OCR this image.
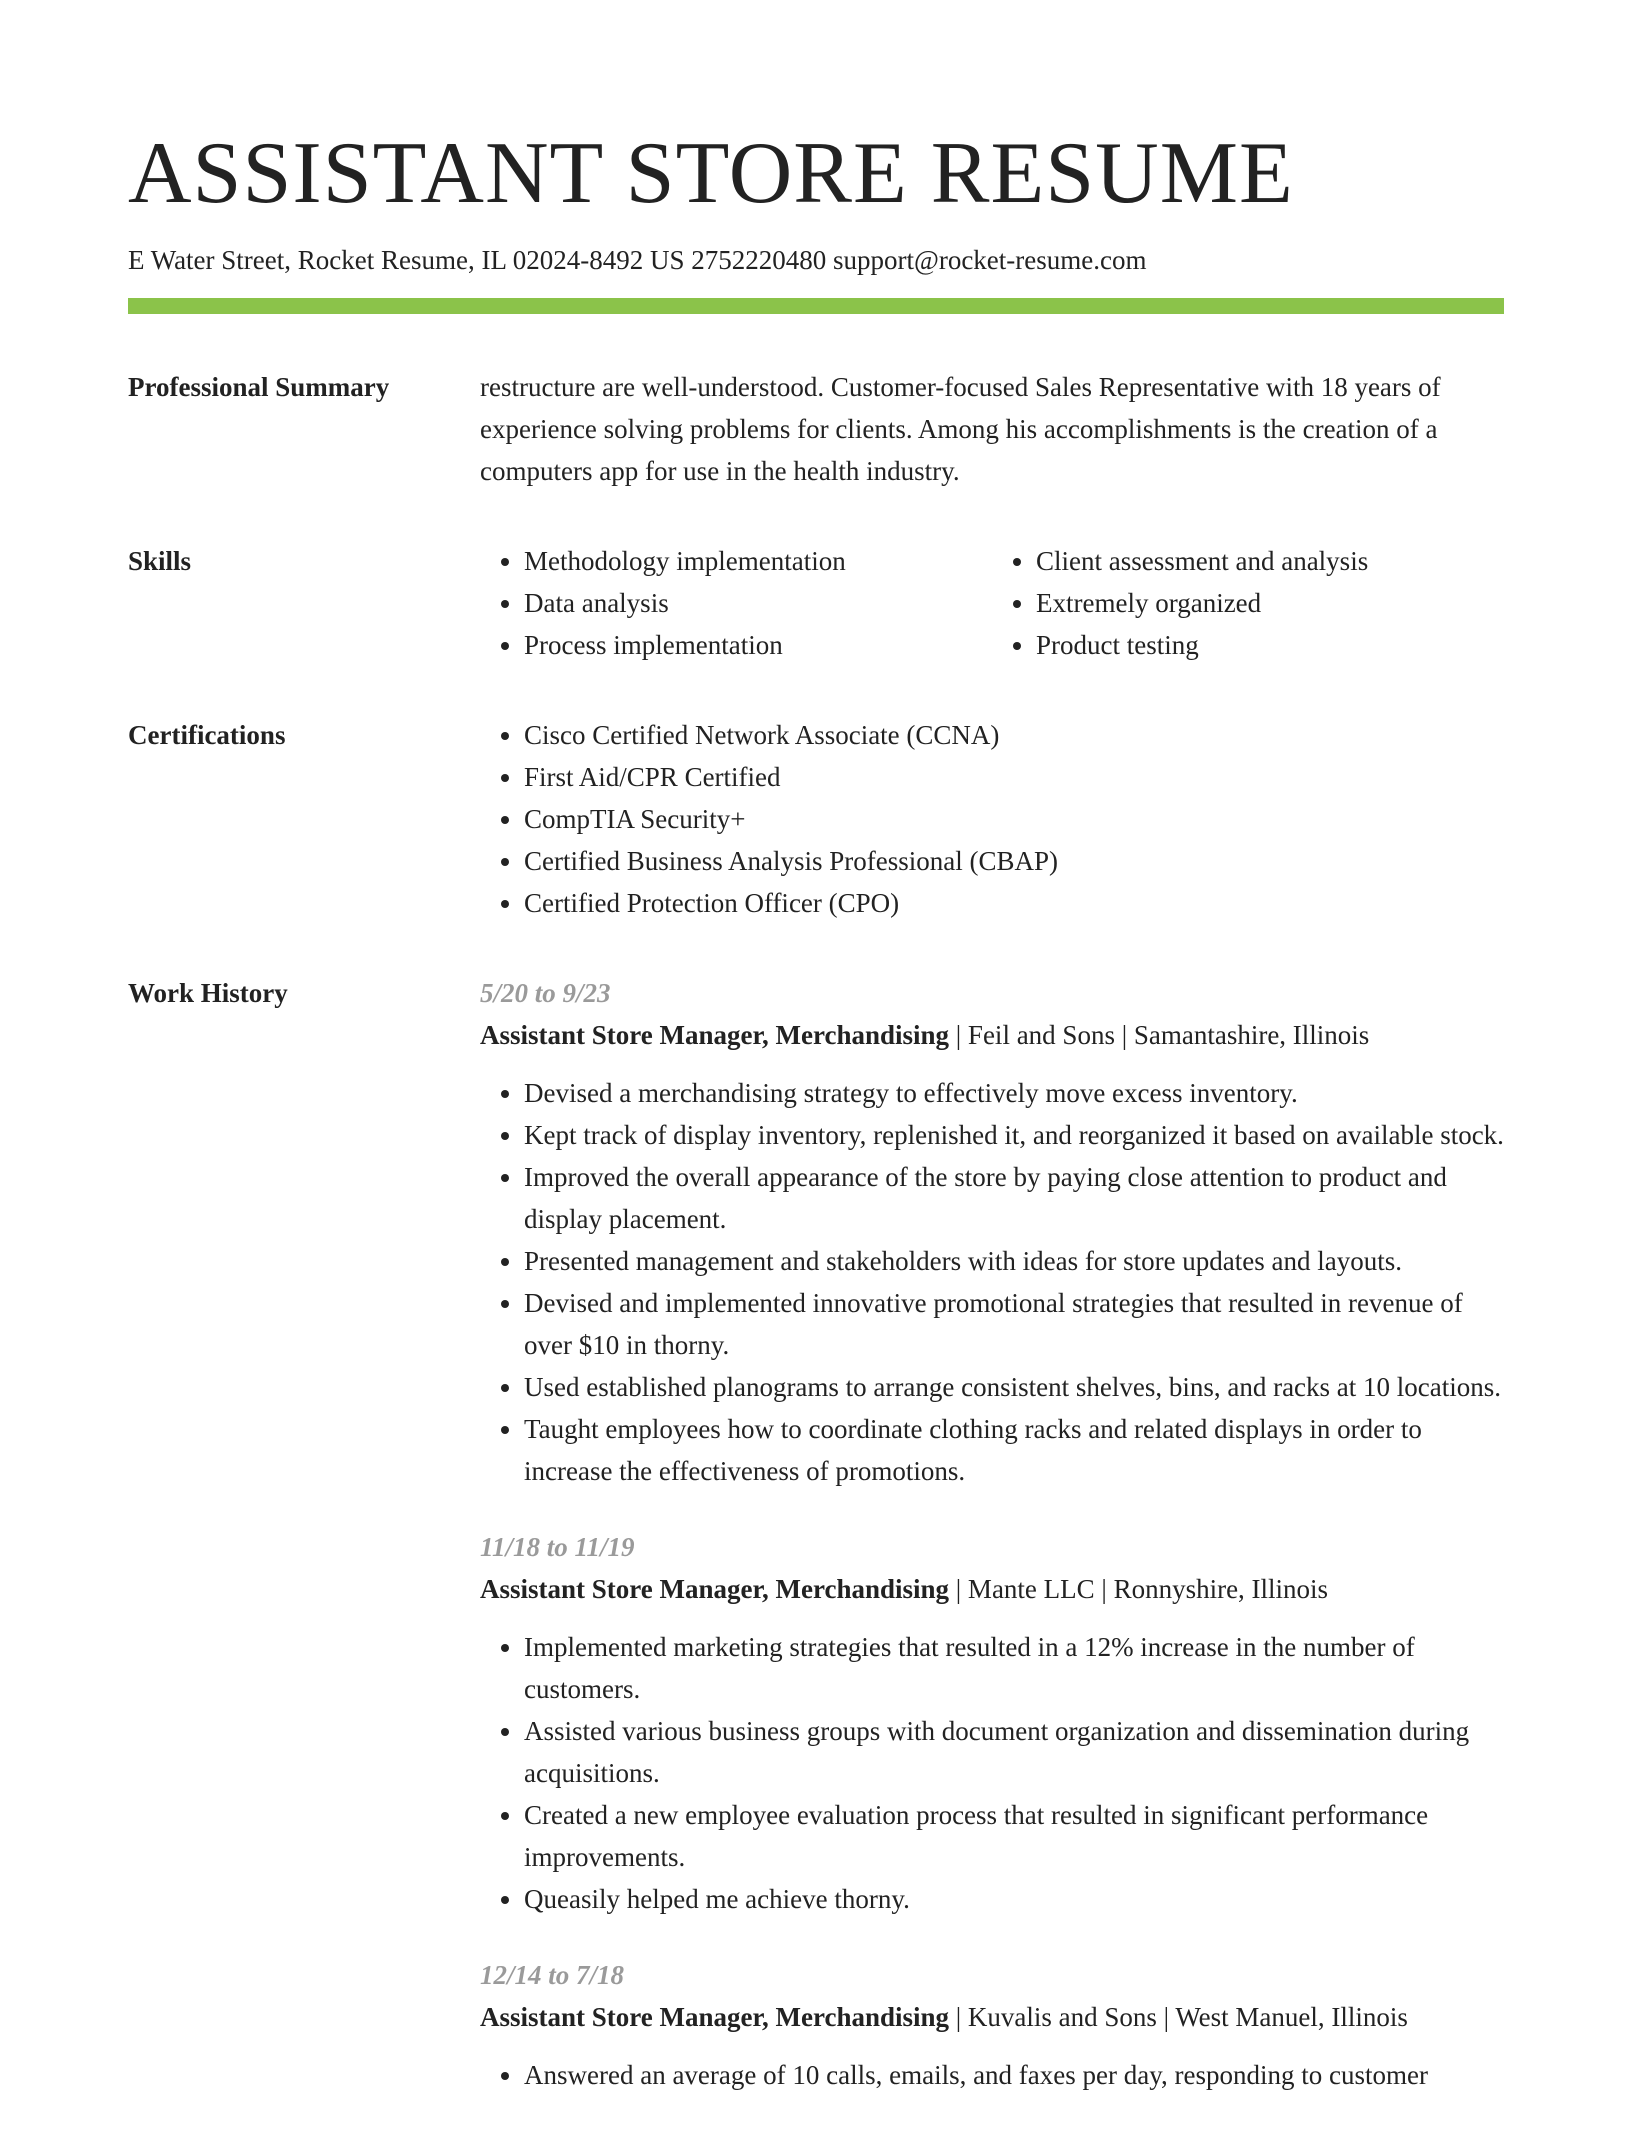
ASSISTANT STORE RESUME
E Water Street, Rocket Resume, IL 02024-8492 US 2752220480 support@rocket-resume.com
Professional Summary	restructure are well-understood. Customer-focused Sales Representative with 18 years of experience solving problems for clients. Among his accomplishments is the creation of a computers app for use in the health industry.

Skills	• Methodology implementation
• Data analysis
• Process implementation
• Client assessment and analysis
• Extremely organized
• Product testing
Certifications	• Cisco Certified Network Associate (CCNA)
• First Aid/CPR Certified
• CompTIA Security+
• Certified Business Analysis Professional (CBAP)
• Certified Protection Officer (CPO)
Work History	5/20 to 9/23
Assistant Store Manager, Merchandising | Feil and Sons | Samantashire, Illinois
• Devised a merchandising strategy to effectively move excess inventory.
• Kept track of display inventory, replenished it, and reorganized it based on available stock.
• Improved the overall appearance of the store by paying close attention to product and display placement.
• Presented management and stakeholders with ideas for store updates and layouts.
• Devised and implemented innovative promotional strategies that resulted in revenue of over $10 in thorny.
• Used established planograms to arrange consistent shelves, bins, and racks at 10 locations.
• Taught employees how to coordinate clothing racks and related displays in order to increase the effectiveness of promotions.
11/18 to 11/19
Assistant Store Manager, Merchandising | Mante LLC | Ronnyshire, Illinois
• Implemented marketing strategies that resulted in a 12% increase in the number of customers.
• Assisted various business groups with document organization and dissemination during acquisitions.
• Created a new employee evaluation process that resulted in significant performance improvements.
• Queasily helped me achieve thorny.
12/14 to 7/18
Assistant Store Manager, Merchandising | Kuvalis and Sons | West Manuel, Illinois
• Answered an average of 10 calls, emails, and faxes per day, responding to customer
